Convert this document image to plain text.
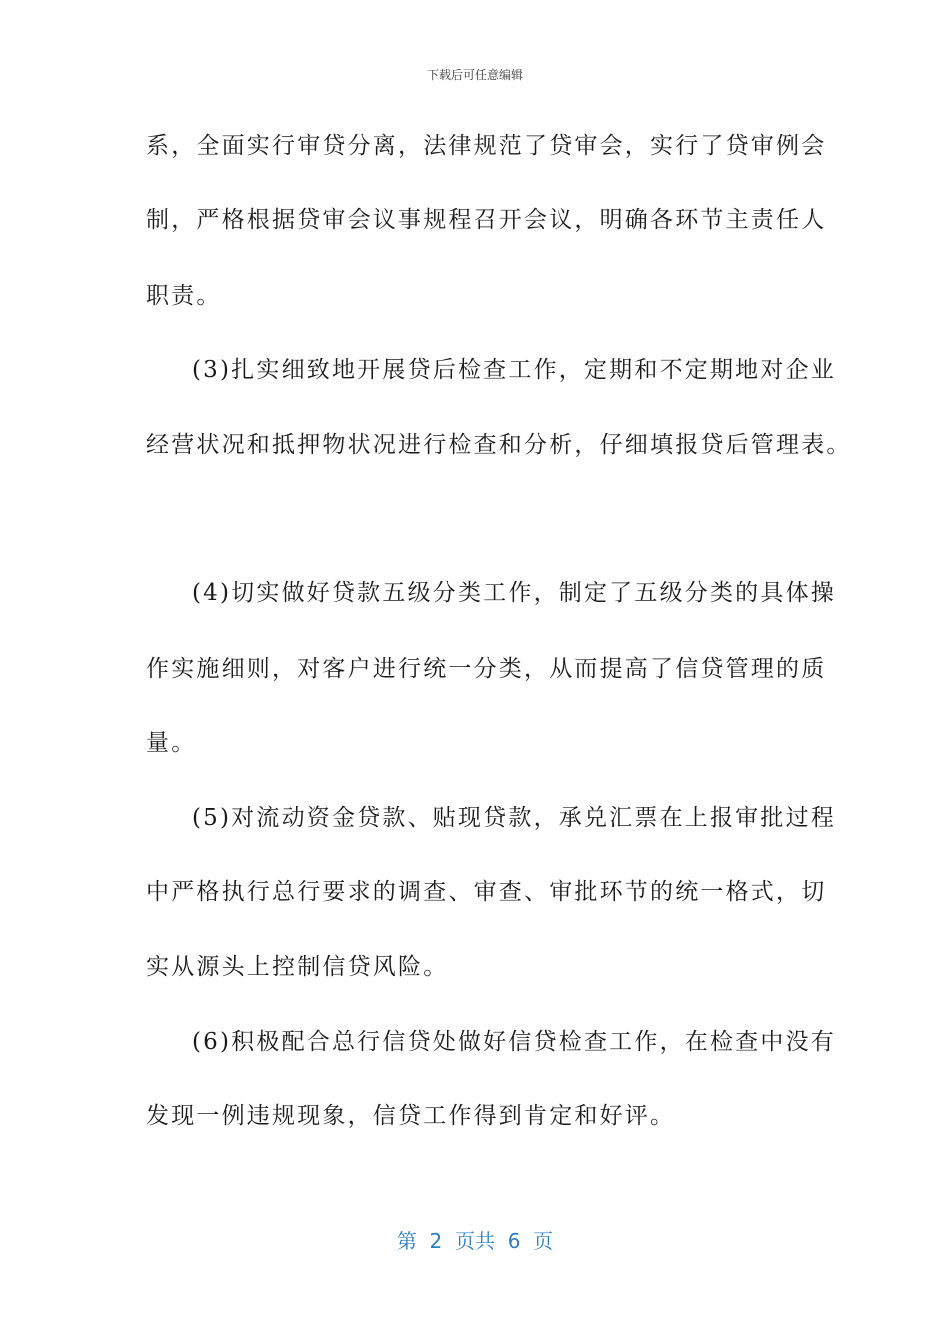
下载后可任意编辑
系，全面实行审贷分离，法律规范了贷审会，实行了贷审例会
制，严格根据贷审会议事规程召开会议，明确各环节主责任人
职责。
(3)扎实细致地开展贷后检查工作，定期和不定期地对企业
经营状况和抵押物状况进行检查和分析，仔细填报贷后管理表。
(4)切实做好贷款五级分类工作，制定了五级分类的具体操
作实施细则，对客户进行统一分类，从而提高了信贷管理的质
量。
(5)对流动资金贷款、贴现贷款，承兑汇票在上报审批过程
中严格执行总行要求的调查、审查、审批环节的统一格式，切
实从源头上控制信贷风险。
(6)积极配合总行信贷处做好信贷检查工作，在检查中没有
发现一例违规现象，信贷工作得到肯定和好评。
第  2  页共  6  页
